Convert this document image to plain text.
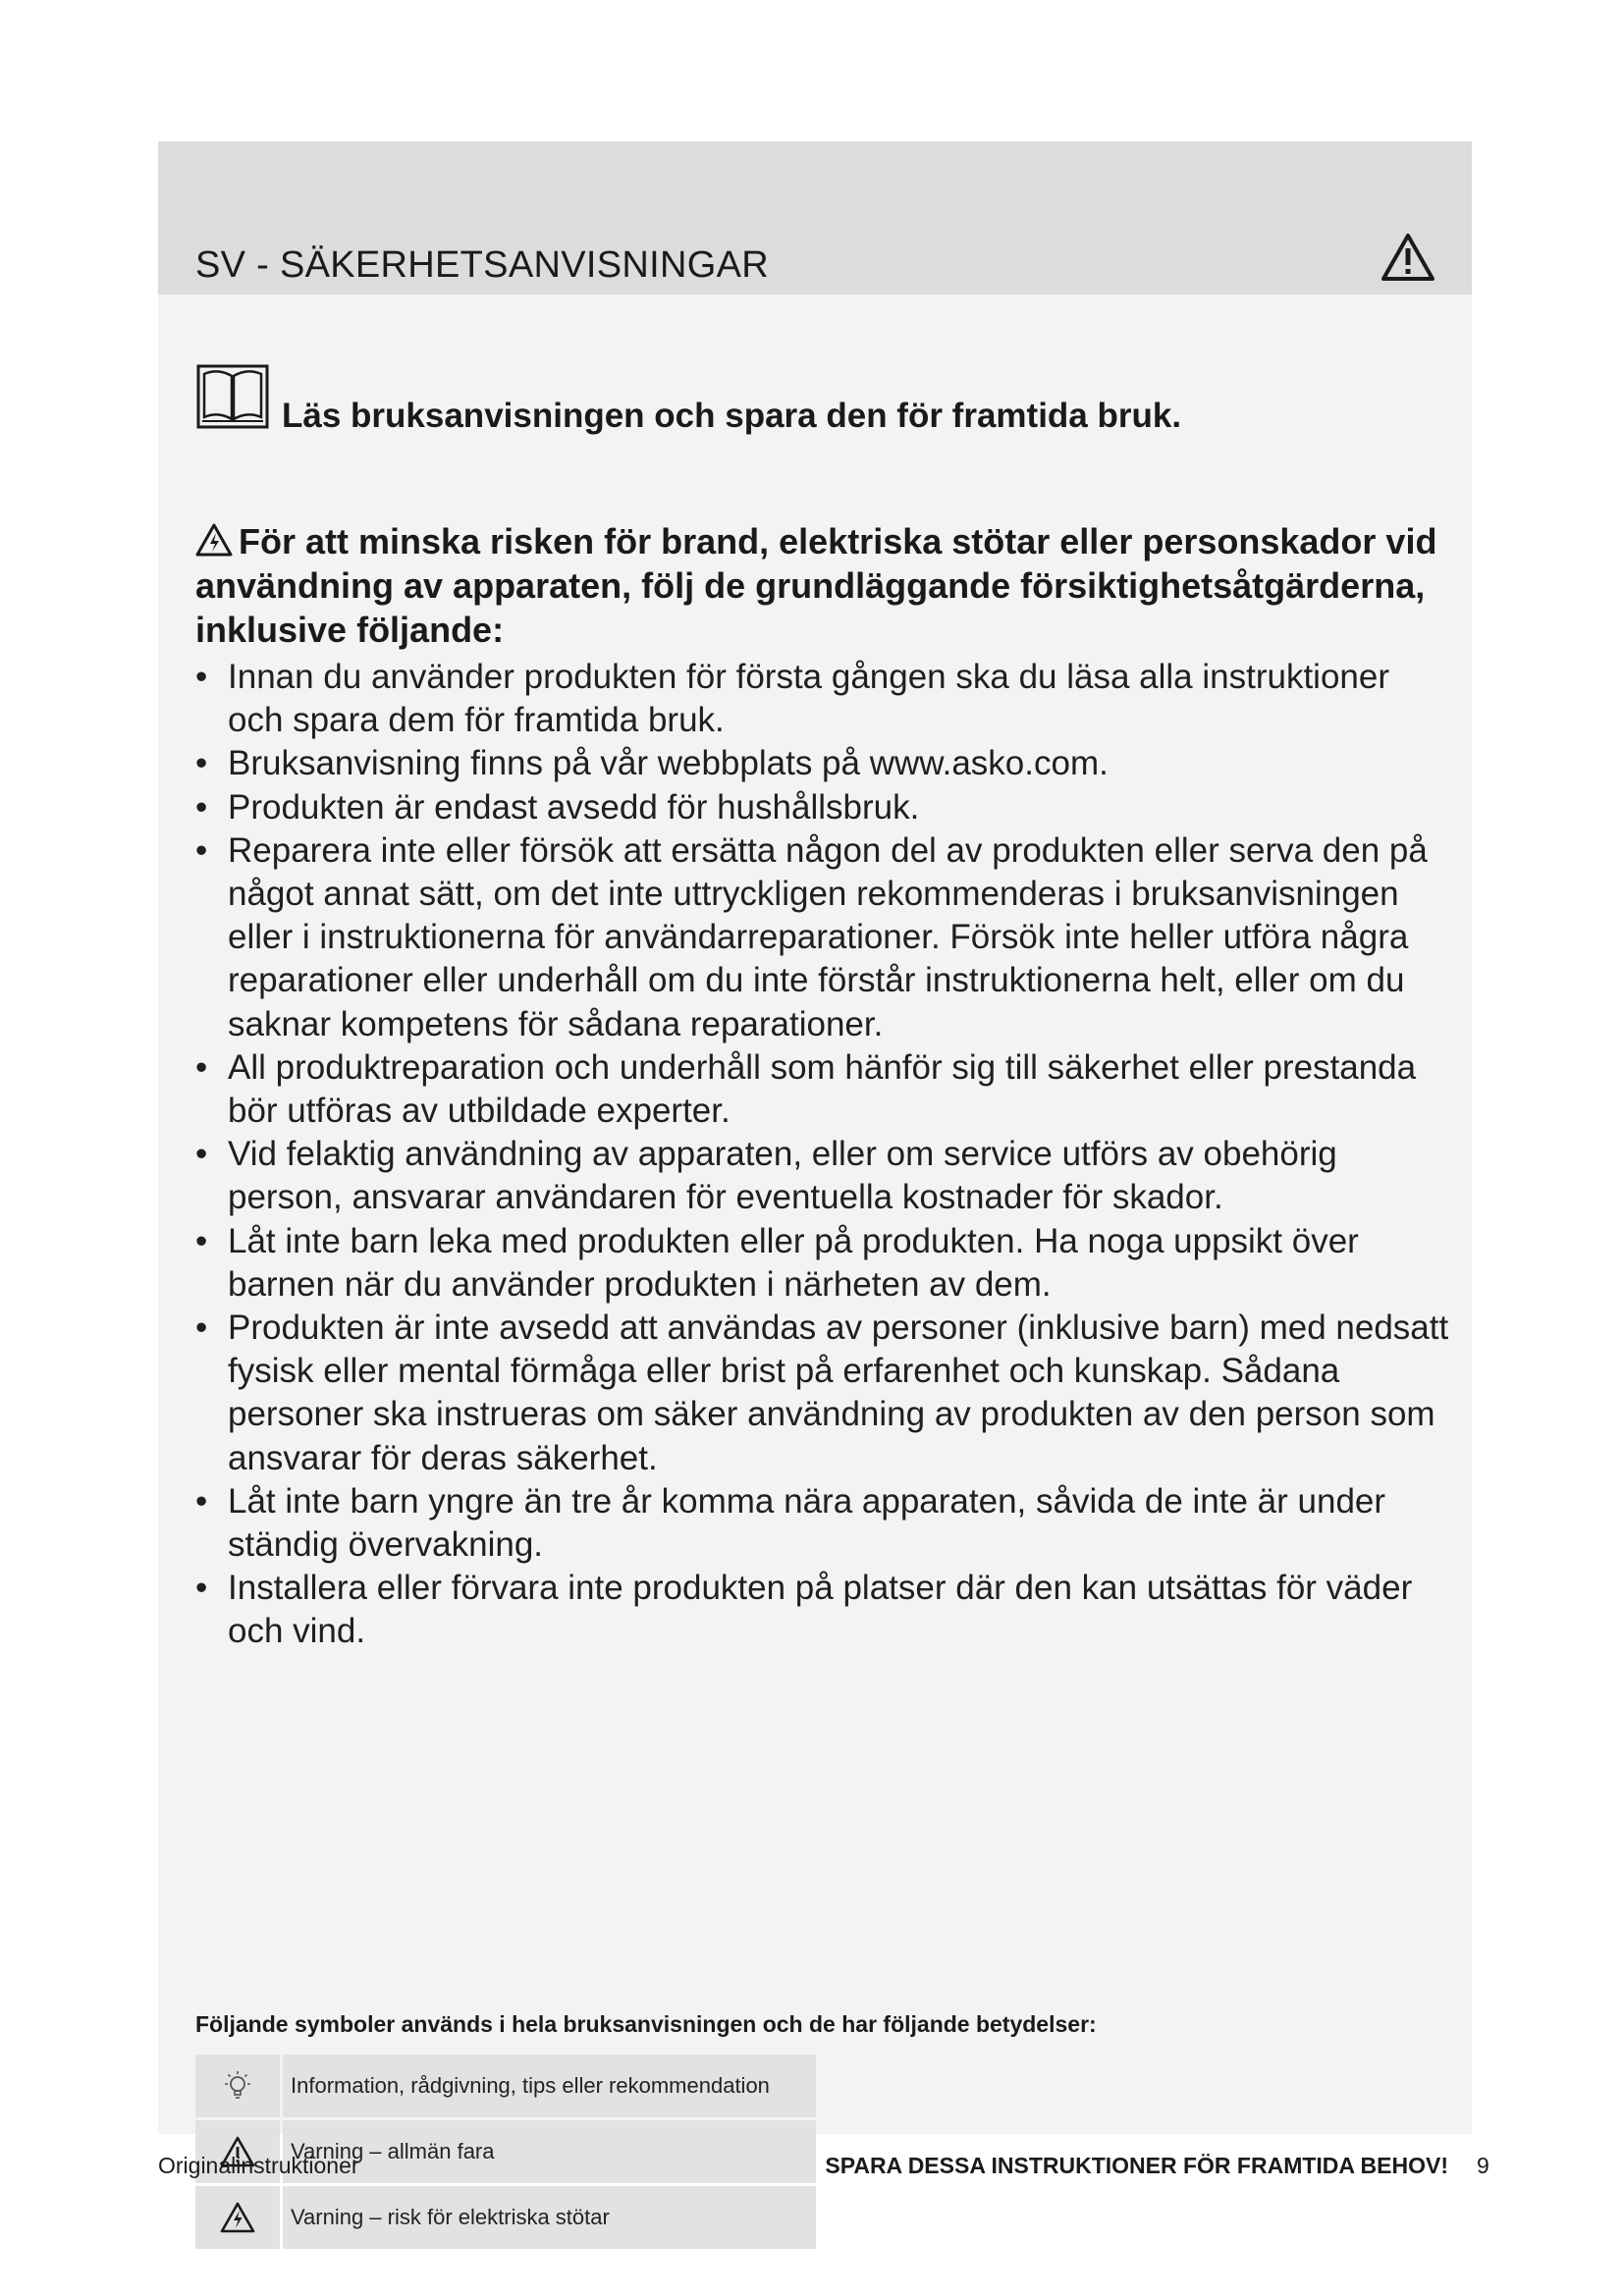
SV - SÄKERHETSANVISNINGAR
Läs bruksanvisningen och spara den för framtida bruk.

För att minska risken för brand, elektriska stötar eller personskador vid användning av apparaten, följ de grundläggande försiktighetsåtgärderna, inklusive följande:

• Innan du använder produkten för första gången ska du läsa alla instruktioner och spara dem för framtida bruk.
• Bruksanvisning finns på vår webbplats på www.asko.com.
• Produkten är endast avsedd för hushållsbruk.
• Reparera inte eller försök att ersätta någon del av produkten eller serva den på något annat sätt, om det inte uttryckligen rekommenderas i bruksanvisningen eller i instruktionerna för användarreparationer. Försök inte heller utföra några reparationer eller underhåll om du inte förstår instruktionerna helt, eller om du saknar kompetens för sådana reparationer.
• All produktreparation och underhåll som hänför sig till säkerhet eller prestanda bör utföras av utbildade experter.
• Vid felaktig användning av apparaten, eller om service utförs av obehörig person, ansvarar användaren för eventuella kostnader för skador.
• Låt inte barn leka med produkten eller på produkten. Ha noga uppsikt över barnen när du använder produkten i närheten av dem.
• Produkten är inte avsedd att användas av personer (inklusive barn) med nedsatt fysisk eller mental förmåga eller brist på erfarenhet och kunskap. Sådana personer ska instrueras om säker användning av produkten av den person som ansvarar för deras säkerhet.
• Låt inte barn yngre än tre år komma nära apparaten, såvida de inte är under ständig övervakning.
• Installera eller förvara inte produkten på platser där den kan utsättas för väder och vind.

Följande symboler används i hela bruksanvisningen och de har följande betydelser:

	Information, rådgivning, tips eller rekommendation
	Varning – allmän fara
	Varning – risk för elektriska stötar
Originalinstruktioner	SPARA DESSA INSTRUKTIONER FÖR FRAMTIDA BEHOV! 9
